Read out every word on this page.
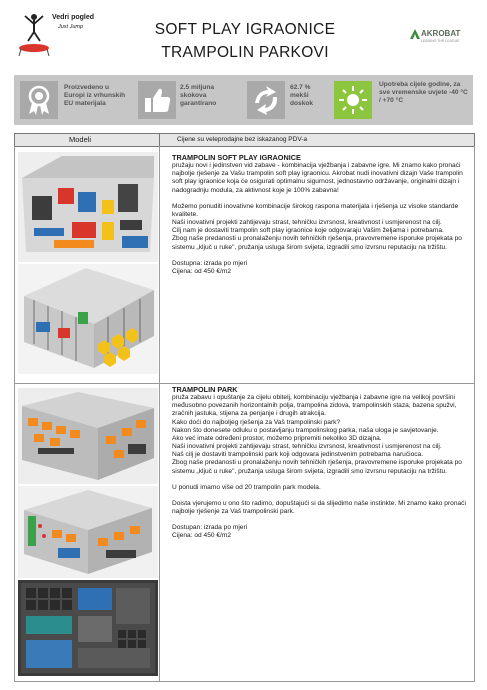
Vedri pogled
Just Jump	SOFT PLAY IGRAONICE
TRAMPOLIN PARKOVI
AKROBAT
LEADING THE LEAGUE
Proizvedeno u Europi iz vrhunskih EU materijala
2.5 miljuna skokova garantirano
62.7 % mekši doskok
Upotreba cijele godine, za sve vremenske uvjete -40 °C / +70 °C
Modeli	Cijene su veleprodajne bez iskazanog PDV-a
TRAMPOLIN SOFT PLAY IGRAONICE

pružaju novi i jedinstven vid zabave - kombinacija vježbanja i zabavne igre. Mi znamo kako pronaći najbolje rješenje za Vašu trampolin soft play igraonicu. Akrobat nudi inovativni dizajn Vaše trampolin soft play igraonice koja će osigurati optimalnu sigurnost, jednostavno održavanje, originalni dizajn i nadogradnju modula, za aktivnost koje je 100% zabavna!

Možemo ponuditi inovativne kombinacije širokog raspona materijala i rješenja uz visoke standarde kvalitete.

Naši inovativni projekti zahtijevaju strast, tehničku izvrsnost, kreativnost i usmjerenost na cilj.

Cilj nam je dostaviti trampolin soft play igraonice koje odgovaraju Vašim željama i potrebama.

Zbog naše predanosti u pronalaženju novih tehničkih rješenja, pravovremene isporuke projekata po sistemu „ključ u ruke", pružanja usluga širom svijeta, izgradili smo izvrsnu reputaciju na tržištu.

Dostupna: izrada po mjeri

Cijena: od 450 €/m2

TRAMPOLIN PARK

pruža zabavu i opuštanje za cijelu obitelj, kombinaciju vježbanja i zabavne igre na velikoj površini međusobno povezanih horizontalnih polja, trampolina zidova, trampolinskih staza, bazena spužvi, zračnih jastuka, stijena za penjanje i drugih atrakcija.

Kako doći do najboljeg rješenja za Vaš trampolinski park?

Nakon što donesete odluku o postavljanju trampolinskog parka, naša uloga je savjetovanje.

Ako već imate određeni prostor, možemo pripremiti nekoliko 3D dizajna.

Naši inovativni projekti zahtijevaju strast, tehničku izvrsnost, kreativnost i usmjerenost na cilj.

Naš cilj je dostaviti trampolinski park koji odgovara jedinstvenim potrebama naručioca.

Zbog naše predanosti u pronalaženju novih tehničkih rješenja, pravovremene isporuke projekata po sistemu „ključ u ruke", pružanja usluga širom svijeta, izgradili smo izvrsnu reputaciju na tržištu.

U ponudi imamo više od 20 trampolin park modela.

Doista vjerujemo u ono što radimo, dopuštajući si da slijedimo naše instinkte. Mi znamo kako pronaći najbolje rješenje za Vaš trampolinski park.

Dostupan: izrada po mjeri

Cijena: od 450 €/m2
